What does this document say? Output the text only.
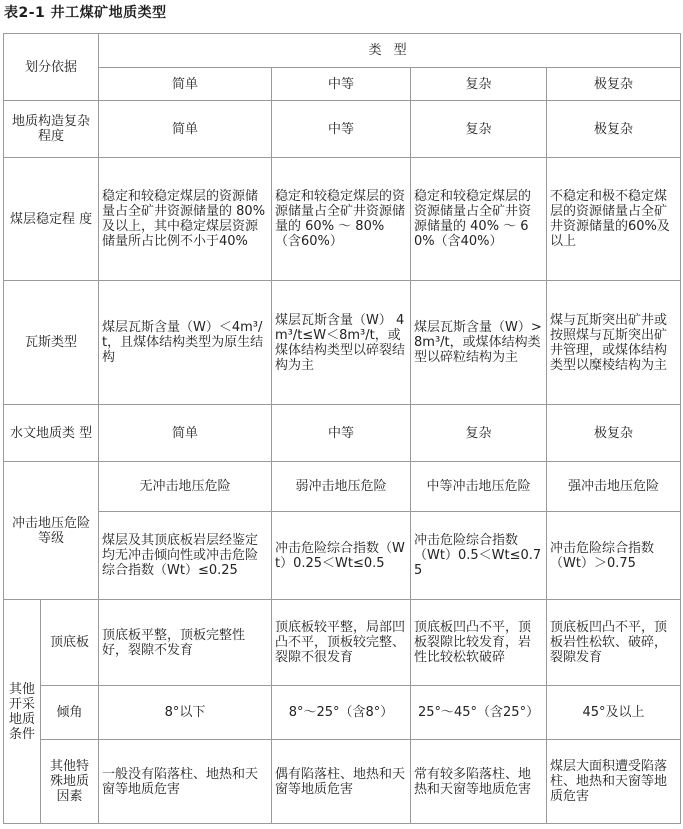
表2-1 井工煤矿地质类型
划分依据		类 型			
		简单	中等	复杂	极复杂
地质构造复杂程度		简单	中等	复杂	极复杂
煤层稳定程 度		稳定和较稳定煤层的资源储量占全矿井资源储量的 80% 及以上，其中稳定煤层资源储量所占比例不小于40%	稳定和较稳定煤层的资源储量占全矿井资源储量的 60% ～ 80%（含60%）	稳定和较稳定煤层的资源储量占全矿井资源储量的 40% ～ 60%（含40%）	不稳定和极不稳定煤层的资源储量占全矿井资源储量的60%及以上
瓦斯类型		煤层瓦斯含量（W）＜4m³/t，且煤体结构类型为原生结构	煤层瓦斯含量（W） 4m³/t≤W＜8m³/t，或煤体结构类型以碎裂结构为主	煤层瓦斯含量（W）>8m³/t，或煤体结构类型以碎粒结构为主	煤与瓦斯突出矿井或按照煤与瓦斯突出矿井管理，或煤体结构类型以糜棱结构为主
水文地质类 型		简单	中等	复杂	极复杂
冲击地压危险等级		无冲击地压危险	弱冲击地压危险	中等冲击地压危险	强冲击地压危险
		煤层及其顶底板岩层经鉴定均无冲击倾向性或冲击危险综合指数（Wt）≤0.25	冲击危险综合指数（Wt）0.25＜Wt≤0.5	冲击危险综合指数（Wt）0.5＜Wt≤0.75	冲击危险综合指数（Wt）＞0.75
其他开采地质条件	顶底板	顶底板平整，顶板完整性好，裂隙不发育	顶底板较平整，局部凹凸不平，顶板较完整、裂隙不很发育	顶底板凹凸不平，顶板裂隙比较发育，岩性比较松软破碎	顶底板凹凸不平，顶板岩性松软、破碎，裂隙发育
	倾角	8°以下	8°～25°（含8°）	25°～45°（含25°）	45°及以上
	其他特殊地质因素	一般没有陷落柱、地热和天窗等地质危害	偶有陷落柱、地热和天窗等地质危害	常有较多陷落柱、地热和天窗等地质危害	煤层大面积遭受陷落柱、地热和天窗等地质危害
